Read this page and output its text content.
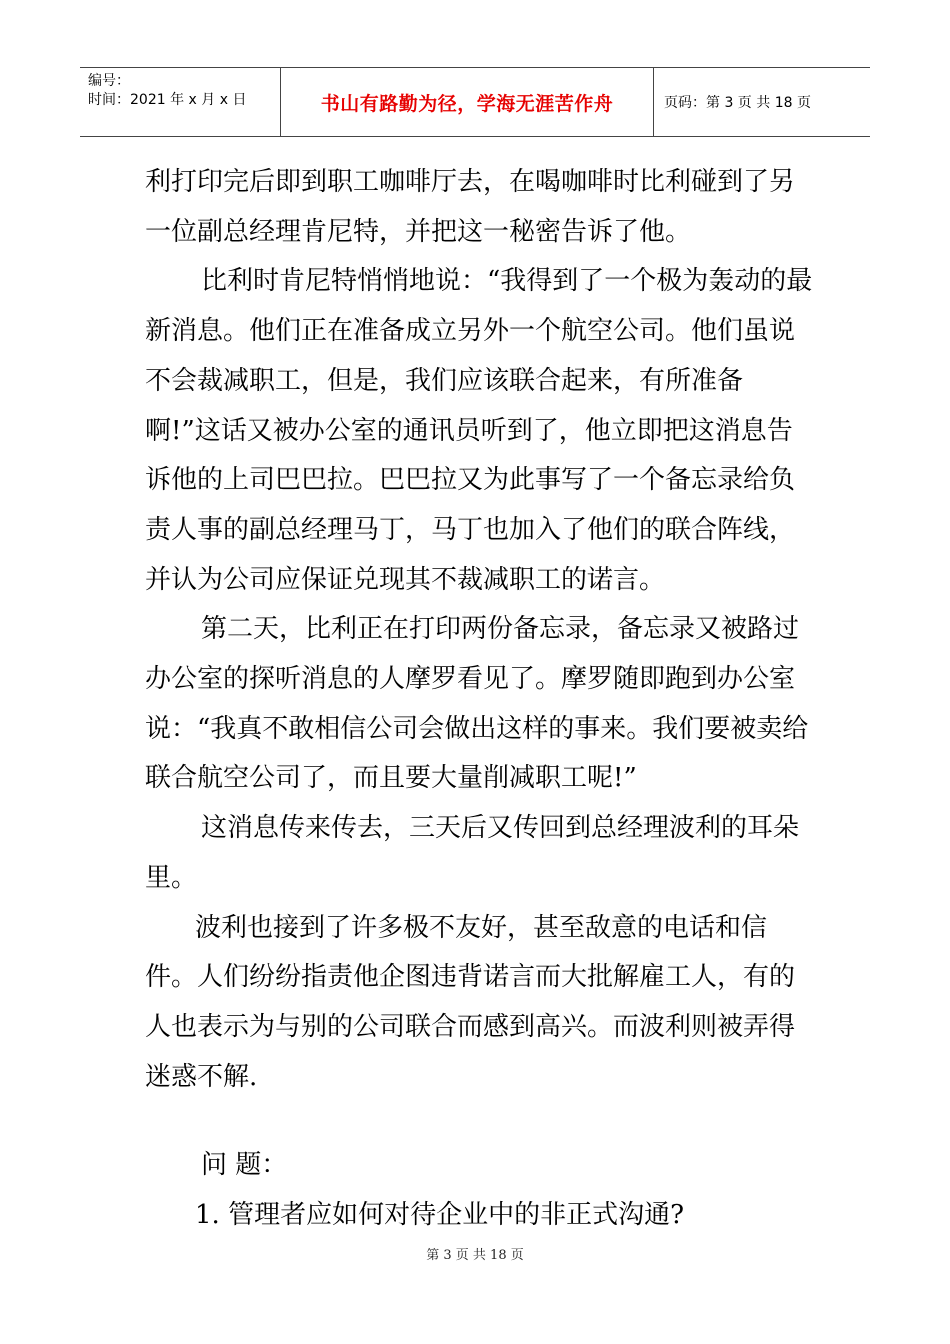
编号：
时间：2021 年 x 月 x 日	书山有路勤为径，学海无涯苦作舟	页码：第 3 页 共 18 页

利打印完后即到职工咖啡厅去，在喝咖啡时比利碰到了另一位副总经理肯尼特，并把这一秘密告诉了他。

比利时肯尼特悄悄地说：“我得到了一个极为轰动的最新消息。他们正在准备成立另外一个航空公司。他们虽说不会裁减职工，但是，我们应该联合起来，有所准备啊!”这话又被办公室的通讯员听到了，他立即把这消息告诉他的上司巴巴拉。巴巴拉又为此事写了一个备忘录给负责人事的副总经理马丁，马丁也加入了他们的联合阵线，并认为公司应保证兑现其不裁减职工的诺言。

第二天，比利正在打印两份备忘录，备忘录又被路过办公室的探听消息的人摩罗看见了。摩罗随即跑到办公室说：“我真不敢相信公司会做出这样的事来。我们要被卖给联合航空公司了，而且要大量削减职工呢!”

这消息传来传去，三天后又传回到总经理波利的耳朵里。

波利也接到了许多极不友好，甚至敌意的电话和信件。人们纷纷指责他企图违背诺言而大批解雇工人，有的人也表示为与别的公司联合而感到高兴。而波利则被弄得迷惑不解.

问 题：

1. 管理者应如何对待企业中的非正式沟通?

第 3 页 共 18 页
